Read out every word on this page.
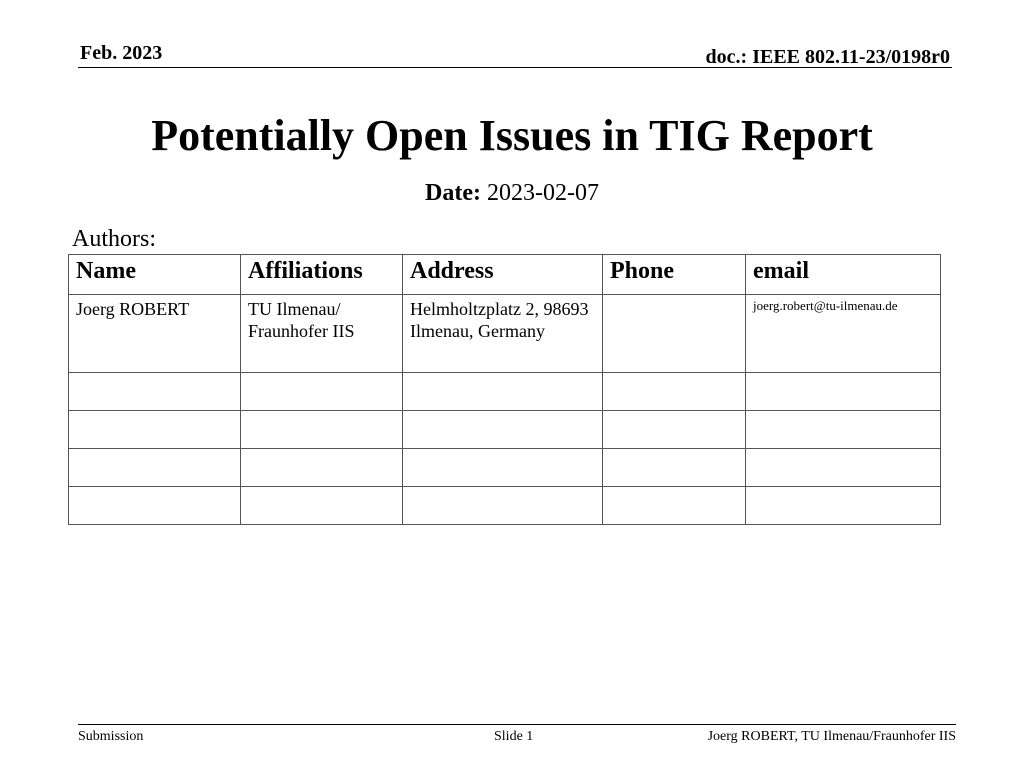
Feb. 2023	doc.: IEEE 802.11-23/0198r0
Potentially Open Issues in TIG Report
Date: 2023-02-07
Authors:
Name	Affiliations	Address	Phone	email
Joerg ROBERT	TU Ilmenau/ Fraunhofer IIS	Helmholtzplatz 2, 98693 Ilmenau, Germany		joerg.robert@tu-ilmenau.de

Submission	Slide 1	Joerg ROBERT, TU Ilmenau/Fraunhofer IIS
